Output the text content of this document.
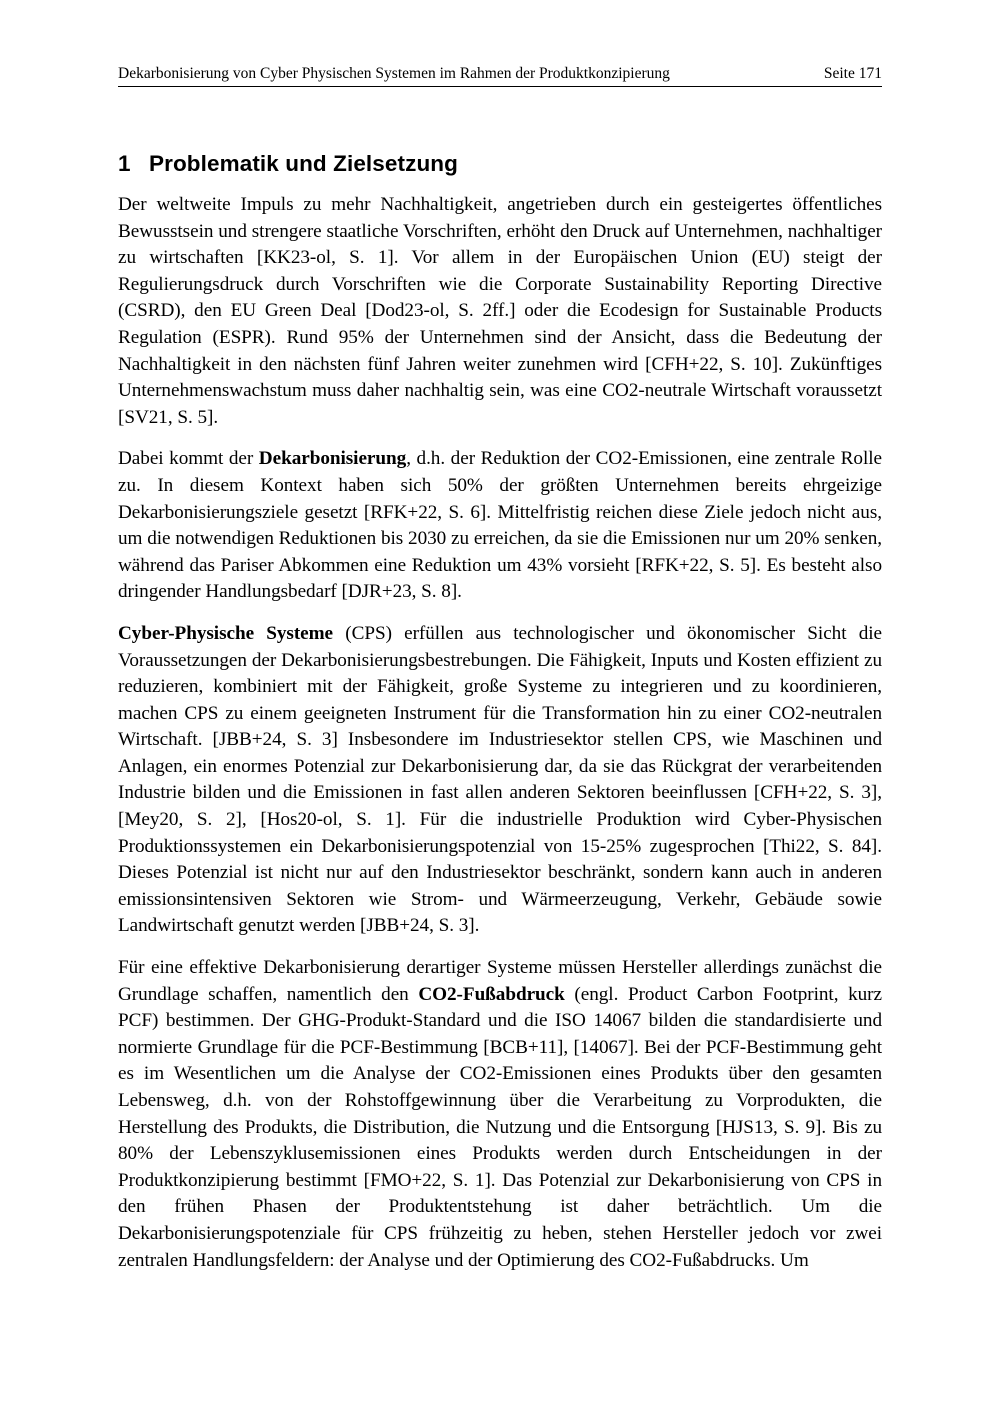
Dekarbonisierung von Cyber Physischen Systemen im Rahmen der Produktkonzipierung	Seite 171
1 Problematik und Zielsetzung

Der weltweite Impuls zu mehr Nachhaltigkeit, angetrieben durch ein gesteigertes öffentliches Bewusstsein und strengere staatliche Vorschriften, erhöht den Druck auf Unternehmen, nachhaltiger zu wirtschaften [KK23-ol, S. 1]. Vor allem in der Europäischen Union (EU) steigt der Regulierungsdruck durch Vorschriften wie die Corporate Sustainability Reporting Directive (CSRD), den EU Green Deal [Dod23-ol, S. 2ff.] oder die Ecodesign for Sustainable Products Regulation (ESPR). Rund 95% der Unternehmen sind der Ansicht, dass die Bedeutung der Nachhaltigkeit in den nächsten fünf Jahren weiter zunehmen wird [CFH+22, S. 10]. Zukünftiges Unternehmenswachstum muss daher nachhaltig sein, was eine CO2-neutrale Wirtschaft voraussetzt [SV21, S. 5].

Dabei kommt der Dekarbonisierung, d.h. der Reduktion der CO2-Emissionen, eine zentrale Rolle zu. In diesem Kontext haben sich 50% der größten Unternehmen bereits ehrgeizige Dekarbonisierungsziele gesetzt [RFK+22, S. 6]. Mittelfristig reichen diese Ziele jedoch nicht aus, um die notwendigen Reduktionen bis 2030 zu erreichen, da sie die Emissionen nur um 20% senken, während das Pariser Abkommen eine Reduktion um 43% vorsieht [RFK+22, S. 5]. Es besteht also dringender Handlungsbedarf [DJR+23, S. 8].

Cyber-Physische Systeme (CPS) erfüllen aus technologischer und ökonomischer Sicht die Voraussetzungen der Dekarbonisierungsbestrebungen. Die Fähigkeit, Inputs und Kosten effizient zu reduzieren, kombiniert mit der Fähigkeit, große Systeme zu integrieren und zu koordinieren, machen CPS zu einem geeigneten Instrument für die Transformation hin zu einer CO2-neutralen Wirtschaft. [JBB+24, S. 3] Insbesondere im Industriesektor stellen CPS, wie Maschinen und Anlagen, ein enormes Potenzial zur Dekarbonisierung dar, da sie das Rückgrat der verarbeitenden Industrie bilden und die Emissionen in fast allen anderen Sektoren beeinflussen [CFH+22, S. 3], [Mey20, S. 2], [Hos20-ol, S. 1]. Für die industrielle Produktion wird Cyber-Physischen Produktionssystemen ein Dekarbonisierungspotenzial von 15-25% zugesprochen [Thi22, S. 84]. Dieses Potenzial ist nicht nur auf den Industriesektor beschränkt, sondern kann auch in anderen emissionsintensiven Sektoren wie Strom- und Wärmeerzeugung, Verkehr, Gebäude sowie Landwirtschaft genutzt werden [JBB+24, S. 3].

Für eine effektive Dekarbonisierung derartiger Systeme müssen Hersteller allerdings zunächst die Grundlage schaffen, namentlich den CO2-Fußabdruck (engl. Product Carbon Footprint, kurz PCF) bestimmen. Der GHG-Produkt-Standard und die ISO 14067 bilden die standardisierte und normierte Grundlage für die PCF-Bestimmung [BCB+11], [14067]. Bei der PCF-Bestimmung geht es im Wesentlichen um die Analyse der CO2-Emissionen eines Produkts über den gesamten Lebensweg, d.h. von der Rohstoffgewinnung über die Verarbeitung zu Vorprodukten, die Herstellung des Produkts, die Distribution, die Nutzung und die Entsorgung [HJS13, S. 9]. Bis zu 80% der Lebenszyklusemissionen eines Produkts werden durch Entscheidungen in der Produktkonzipierung bestimmt [FMO+22, S. 1]. Das Potenzial zur Dekarbonisierung von CPS in den frühen Phasen der Produktentstehung ist daher beträchtlich. Um die Dekarbonisierungspotenziale für CPS frühzeitig zu heben, stehen Hersteller jedoch vor zwei zentralen Handlungsfeldern: der Analyse und der Optimierung des CO2-Fußabdrucks. Um
